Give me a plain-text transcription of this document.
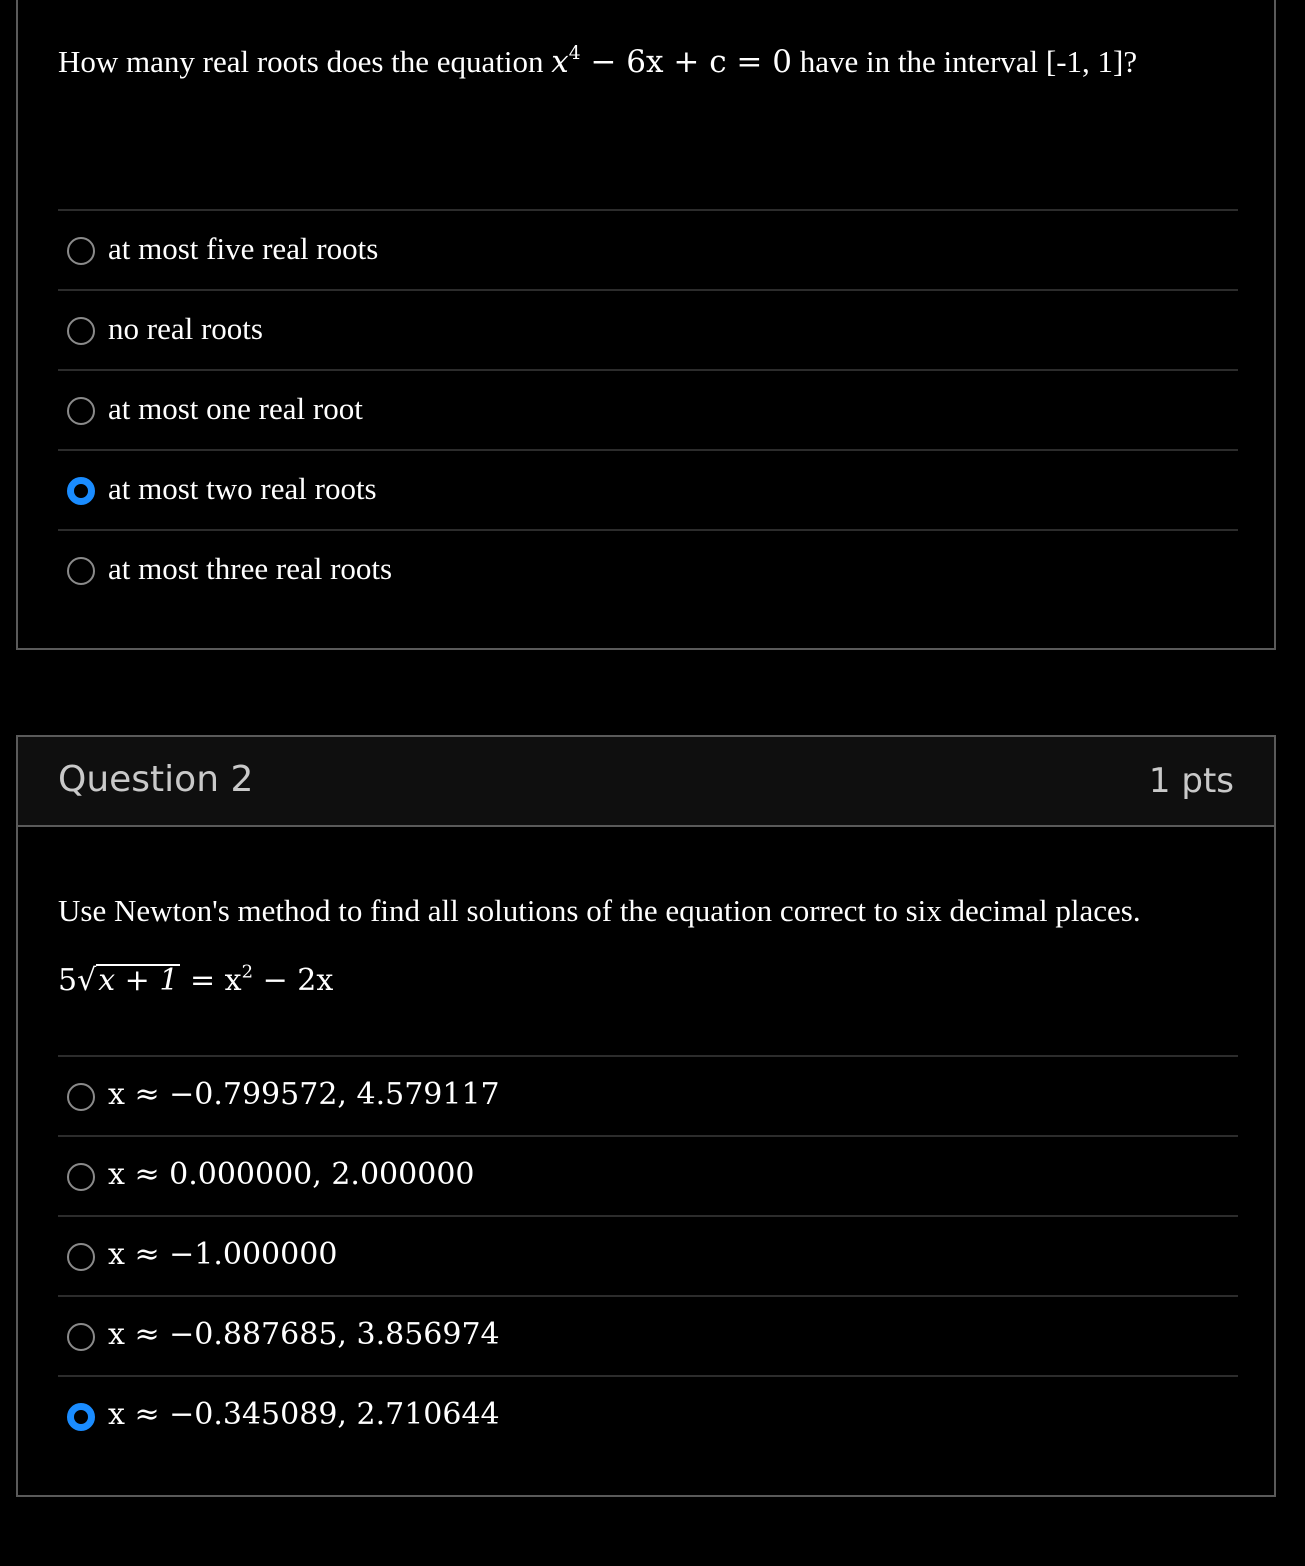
How many real roots does the equation $x^4 - 6x + c = 0$ have in the interval [-1, 1]?
at most five real roots
no real roots
at most one real root
at most two real roots
at most three real roots
Question 2	1 pts
Use Newton's method to find all solutions of the equation correct to six decimal places.
$5√x + 1 = x^2 - 2x$
x ≈ −0.799572, 4.579117
x ≈ 0.000000, 2.000000
x ≈ −1.000000
x ≈ −0.887685, 3.856974
x ≈ −0.345089, 2.710644
